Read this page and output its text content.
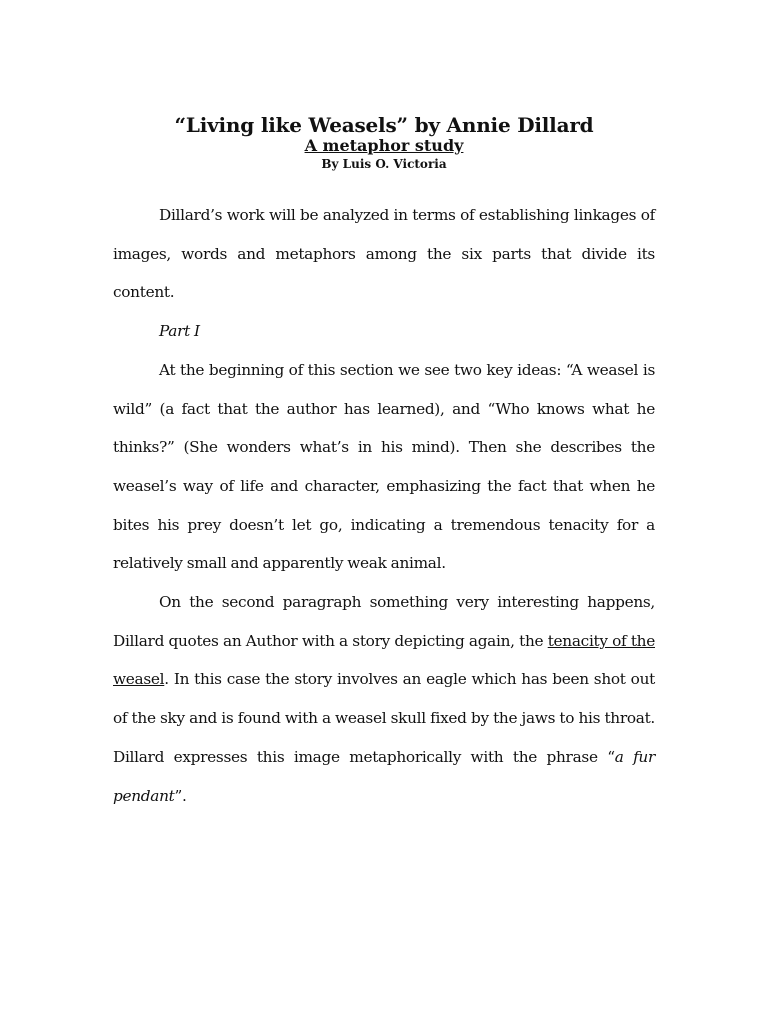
“Living like Weasels” by Annie Dillard
A metaphor study
By Luis O. Victoria

Dillard’s work will be analyzed in terms of establishing linkages of images, words and metaphors among the six parts that divide its content.

Part I

At the beginning of this section we see two key ideas: “A weasel is wild” (a fact that the author has learned), and “Who knows what he thinks?” (She wonders what’s in his mind). Then she describes the weasel’s way of life and character, emphasizing the fact that when he bites his prey doesn’t let go, indicating a tremendous tenacity for a relatively small and apparently weak animal.

On the second paragraph something very interesting happens, Dillard quotes an Author with a story depicting again, the tenacity of the weasel. In this case the story involves an eagle which has been shot out of the sky and is found with a weasel skull fixed by the jaws to his throat. Dillard expresses this image metaphorically with the phrase “a fur pendant”.
